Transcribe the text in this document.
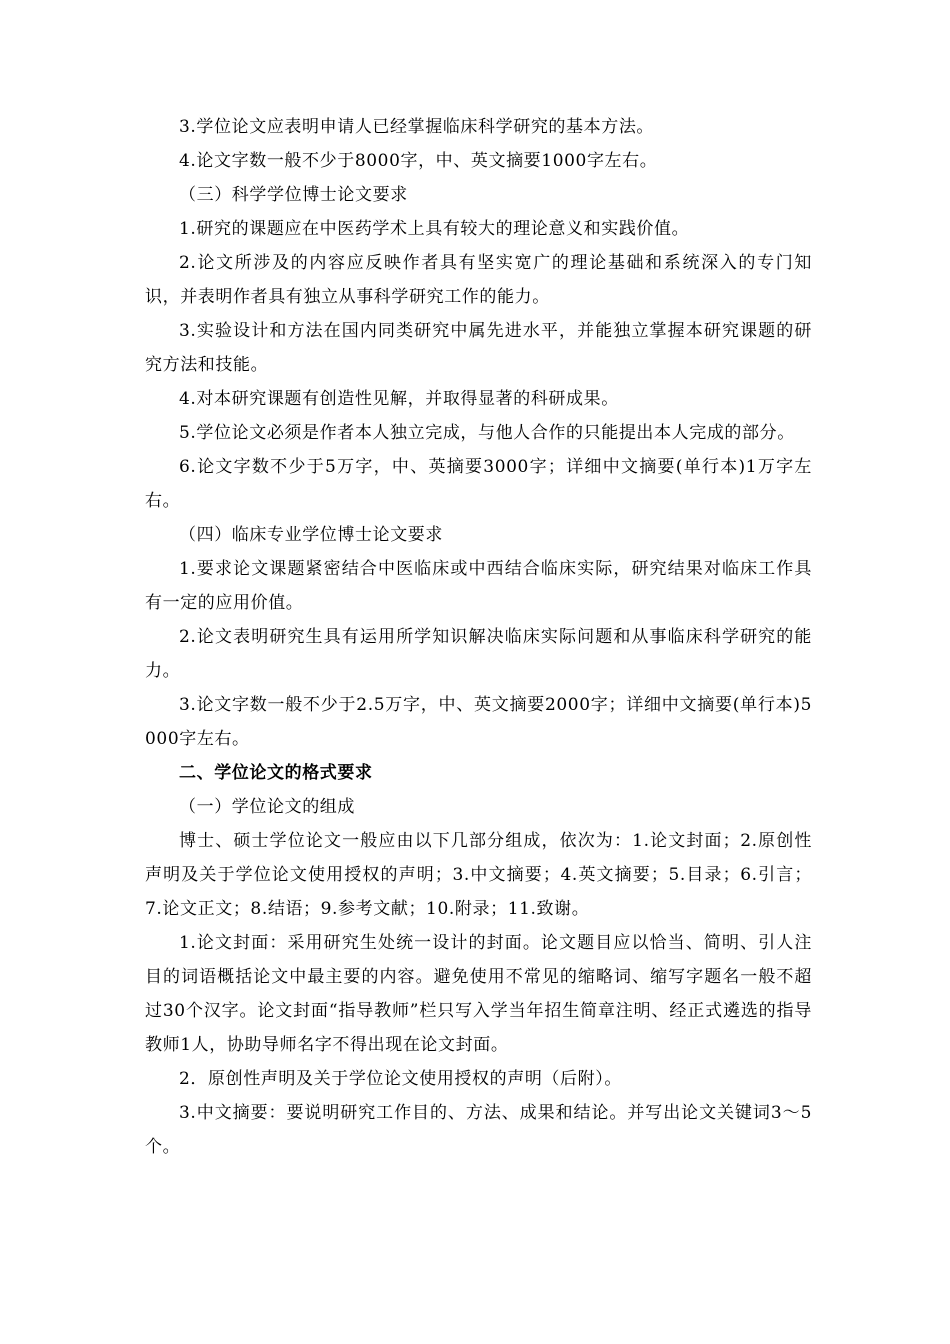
3.学位论文应表明申请人已经掌握临床科学研究的基本方法。

4.论文字数一般不少于8000字，中、英文摘要1000字左右。

（三）科学学位博士论文要求

1.研究的课题应在中医药学术上具有较大的理论意义和实践价值。

2.论文所涉及的内容应反映作者具有坚实宽广的理论基础和系统深入的专门知识，并表明作者具有独立从事科学研究工作的能力。

3.实验设计和方法在国内同类研究中属先进水平，并能独立掌握本研究课题的研究方法和技能。

4.对本研究课题有创造性见解，并取得显著的科研成果。

5.学位论文必须是作者本人独立完成，与他人合作的只能提出本人完成的部分。

6.论文字数不少于5万字，中、英摘要3000字；详细中文摘要(单行本)1万字左右。

（四）临床专业学位博士论文要求

1.要求论文课题紧密结合中医临床或中西结合临床实际，研究结果对临床工作具有一定的应用价值。

2.论文表明研究生具有运用所学知识解决临床实际问题和从事临床科学研究的能力。

3.论文字数一般不少于2.5万字，中、英文摘要2000字；详细中文摘要(单行本)5000字左右。

二、学位论文的格式要求

（一）学位论文的组成

博士、硕士学位论文一般应由以下几部分组成，依次为：1.论文封面；2.原创性声明及关于学位论文使用授权的声明；3.中文摘要；4.英文摘要；5.目录；6.引言；7.论文正文；8.结语；9.参考文献；10.附录；11.致谢。

1.论文封面：采用研究生处统一设计的封面。论文题目应以恰当、简明、引人注目的词语概括论文中最主要的内容。避免使用不常见的缩略词、缩写字题名一般不超过30个汉字。论文封面“指导教师”栏只写入学当年招生简章注明、经正式遴选的指导教师1人，协助导师名字不得出现在论文封面。

2．原创性声明及关于学位论文使用授权的声明（后附）。

3.中文摘要：要说明研究工作目的、方法、成果和结论。并写出论文关键词3～5个。
